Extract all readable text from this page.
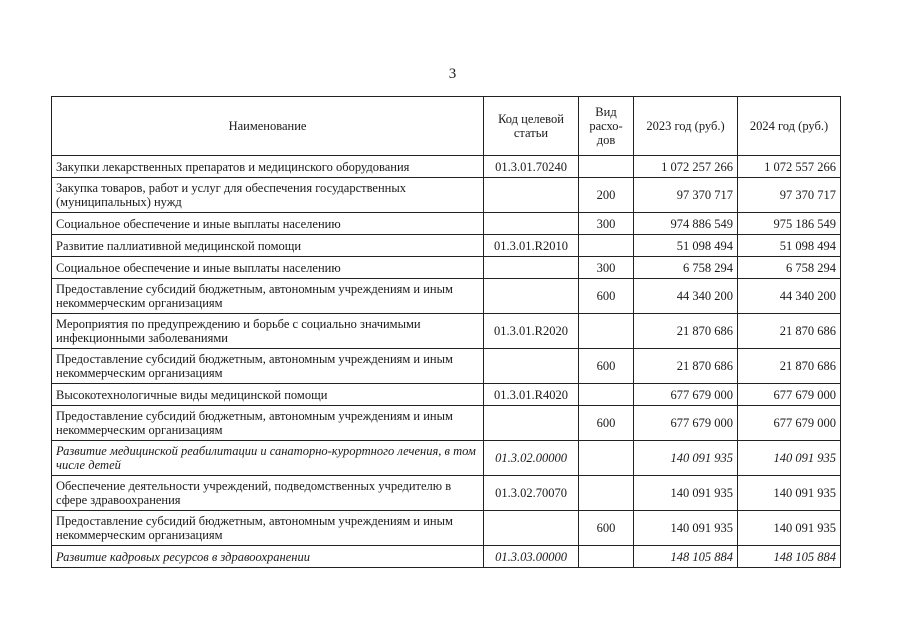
3
Наименование	Код целевой статьи	Вид расхо-дов	2023 год (руб.)	2024 год (руб.)
Закупки лекарственных препаратов и медицинского оборудования	01.3.01.70240		1 072 257 266	1 072 557 266
Закупка товаров, работ и услуг для обеспечения государственных (муниципальных) нужд		200	97 370 717	97 370 717
Социальное обеспечение и иные выплаты населению		300	974 886 549	975 186 549
Развитие паллиативной медицинской помощи	01.3.01.R2010		51 098 494	51 098 494
Социальное обеспечение и иные выплаты населению		300	6 758 294	6 758 294
Предоставление субсидий бюджетным, автономным учреждениям и иным некоммерческим организациям		600	44 340 200	44 340 200
Мероприятия по предупреждению и борьбе с социально значимыми инфекционными заболеваниями	01.3.01.R2020		21 870 686	21 870 686
Предоставление субсидий бюджетным, автономным учреждениям и иным некоммерческим организациям		600	21 870 686	21 870 686
Высокотехнологичные виды медицинской помощи	01.3.01.R4020		677 679 000	677 679 000
Предоставление субсидий бюджетным, автономным учреждениям и иным некоммерческим организациям		600	677 679 000	677 679 000
Развитие медицинской реабилитации и санаторно-курортного лечения, в том числе детей	01.3.02.00000		140 091 935	140 091 935
Обеспечение деятельности учреждений, подведомственных учредителю в сфере здравоохранения	01.3.02.70070		140 091 935	140 091 935
Предоставление субсидий бюджетным, автономным учреждениям и иным некоммерческим организациям		600	140 091 935	140 091 935
Развитие кадровых ресурсов в здравоохранении	01.3.03.00000		148 105 884	148 105 884
